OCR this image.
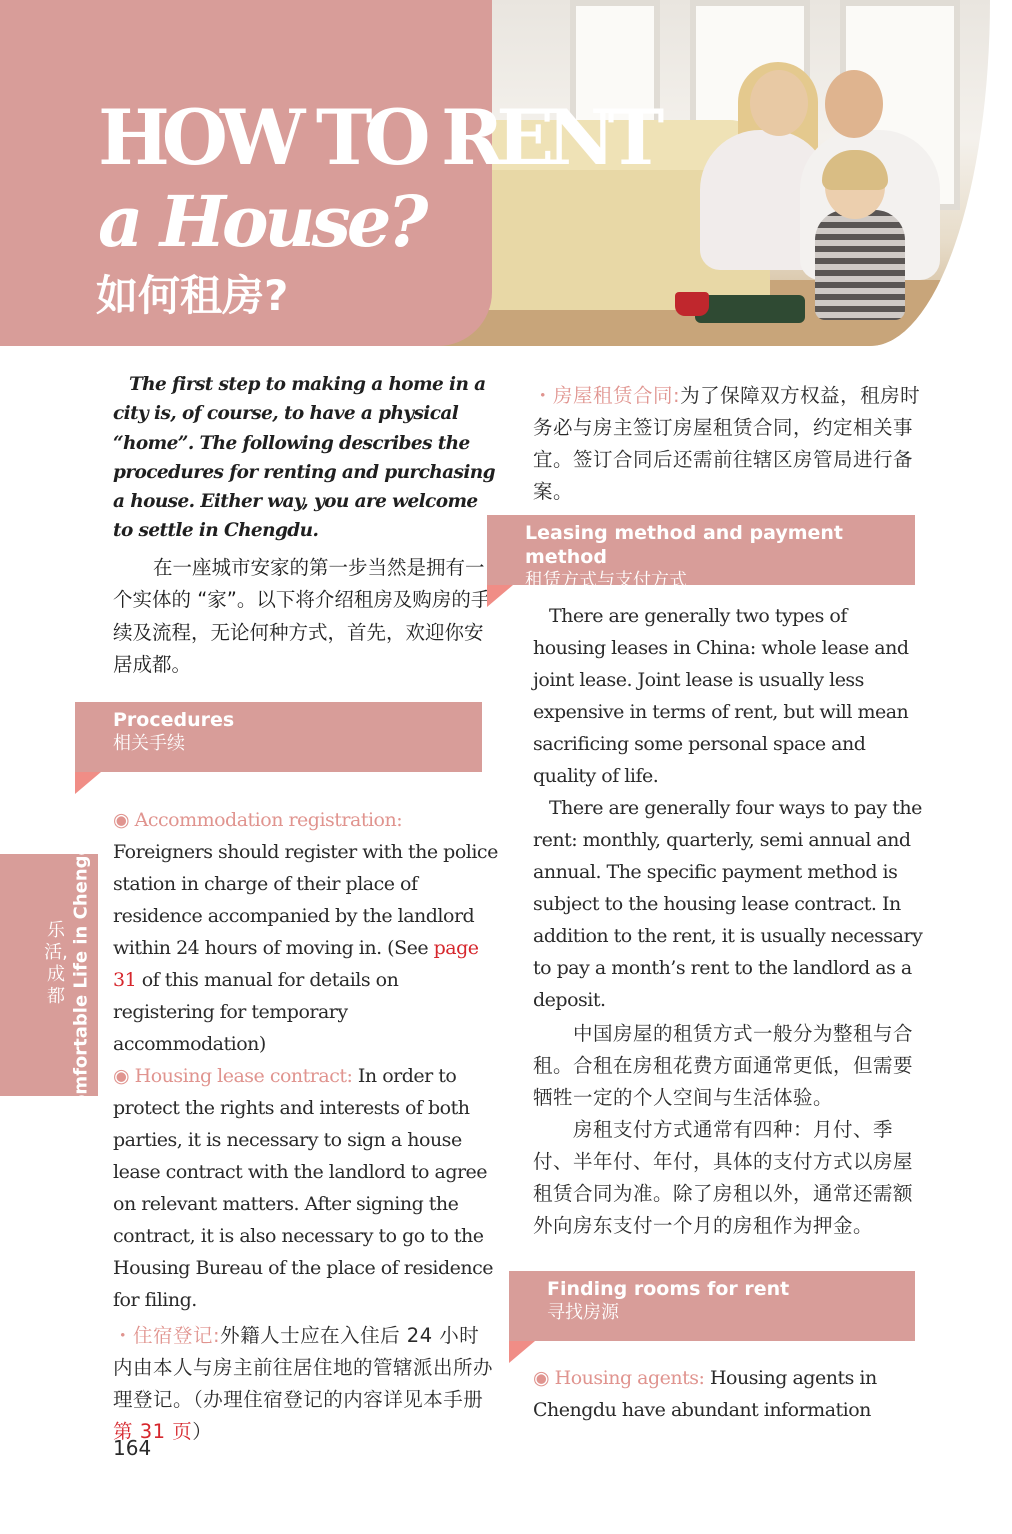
HOW TO RENT
a House?
如何租房?
乐活,成都 Comfortable Life in Chengdu

The first step to making a home in a city is, of course, to have a physical “home”. The following describes the procedures for renting and purchasing a house. Either way, you are welcome to settle in Chengdu.

在一座城市安家的第一步当然是拥有一个实体的 “家”。以下将介绍租房及购房的手续及流程，无论何种方式，首先，欢迎你安居成都。

◉ Accommodation registration: Foreigners should register with the police station in charge of their place of residence accompanied by the landlord within 24 hours of moving in. (See page 31 of this manual for details on registering for temporary accommodation)

◉ Housing lease contract: In order to protect the rights and interests of both parties, it is necessary to sign a house lease contract with the landlord to agree on relevant matters. After signing the contract, it is also necessary to go to the Housing Bureau of the place of residence for filing.

・住宿登记:外籍人士应在入住后 24 小时内由本人与房主前往居住地的管辖派出所办理登记。（办理住宿登记的内容详见本手册第 31 页）

・房屋租赁合同:为了保障双方权益，租房时务必与房主签订房屋租赁合同，约定相关事宜。签订合同后还需前往辖区房管局进行备案。

There are generally two types of housing leases in China: whole lease and joint lease. Joint lease is usually less expensive in terms of rent, but will mean sacrificing some personal space and quality of life.

There are generally four ways to pay the rent: monthly, quarterly, semi annual and annual. The specific payment method is subject to the housing lease contract. In addition to the rent, it is usually necessary to pay a month’s rent to the landlord as a deposit.

中国房屋的租赁方式一般分为整租与合租。合租在房租花费方面通常更低，但需要牺牲一定的个人空间与生活体验。

房租支付方式通常有四种：月付、季付、半年付、年付，具体的支付方式以房屋租赁合同为准。除了房租以外，通常还需额外向房东支付一个月的房租作为押金。

◉ Housing agents: Housing agents in Chengdu have abundant information

Procedures
相关手续
Leasing method and payment method
租赁方式与支付方式
Finding rooms for rent
寻找房源
164
